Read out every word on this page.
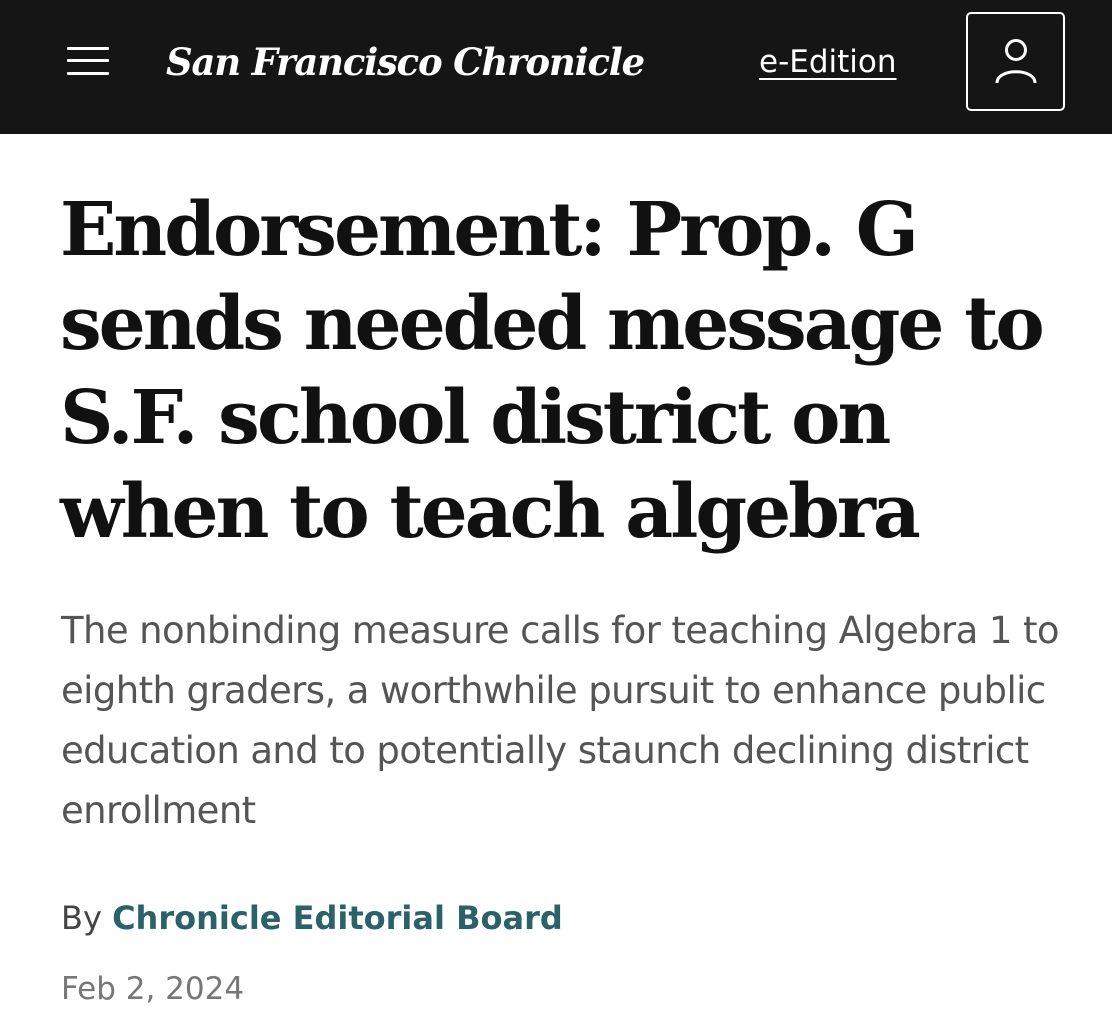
San Francisco Chronicle	e-Edition
Endorsement: Prop. G sends needed message to S.F. school district on when to teach algebra

The nonbinding measure calls for teaching Algebra 1 to eighth graders, a worthwhile pursuit to enhance public education and to potentially staunch declining district enrollment

By Chronicle Editorial Board
Feb 2, 2024
